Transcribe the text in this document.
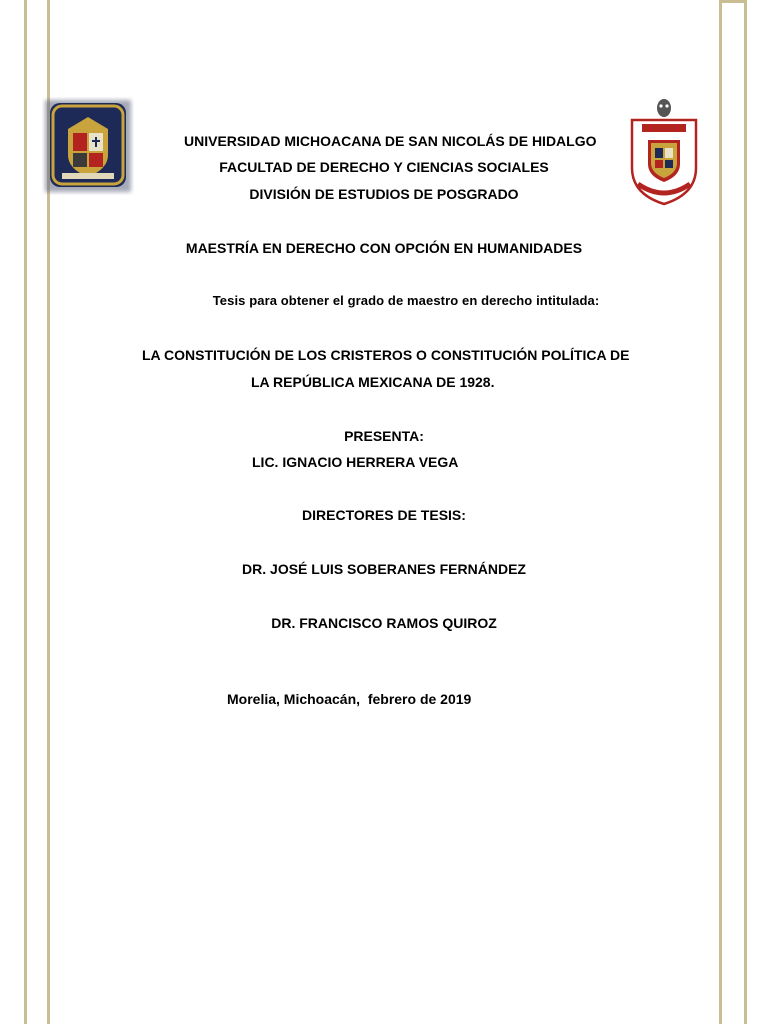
UNIVERSIDAD MICHOACANA DE SAN NICOLÁS DE HIDALGO
FACULTAD DE DERECHO Y CIENCIAS SOCIALES
DIVISIÓN DE ESTUDIOS DE POSGRADO
MAESTRÍA EN DERECHO CON OPCIÓN EN HUMANIDADES
Tesis para obtener el grado de maestro en derecho intitulada:
LA CONSTITUCIÓN DE LOS CRISTEROS O CONSTITUCIÓN POLÍTICA DE
LA REPÚBLICA MEXICANA DE 1928.
PRESENTA:
LIC. IGNACIO HERRERA VEGA
DIRECTORES DE TESIS:
DR. JOSÉ LUIS SOBERANES FERNÁNDEZ
DR. FRANCISCO RAMOS QUIROZ
Morelia, Michoacán,  febrero de 2019
